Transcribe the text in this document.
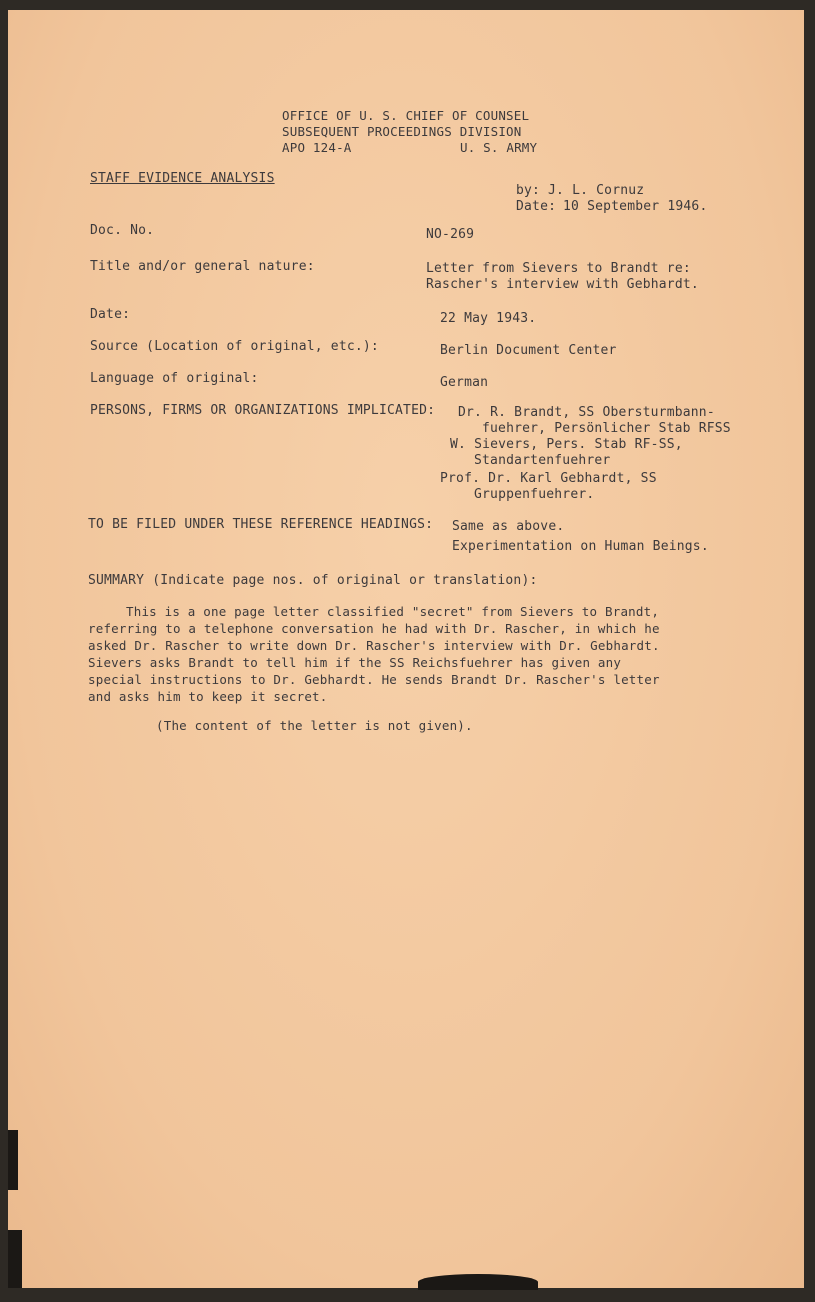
OFFICE OF U. S. CHIEF OF COUNSEL
SUBSEQUENT PROCEEDINGS DIVISION
APO 124-A	U. S. ARMY
STAFF EVIDENCE ANALYSIS
by: J. L. Cornuz
Date: 10 September 1946.
Doc. No.	NO-269
Title and/or general nature:	Letter from Sievers to Brandt re:
Rascher's interview with Gebhardt.
Date:	22 May 1943.
Source (Location of original, etc.):	Berlin Document Center
Language of original:	German
PERSONS, FIRMS OR ORGANIZATIONS IMPLICATED: Dr. R. Brandt, SS Obersturmbann-
fuehrer, Persönlicher Stab RFSS
W. Sievers, Pers. Stab RF-SS,
Standartenfuehrer
Prof. Dr. Karl Gebhardt, SS
Gruppenfuehrer.
TO BE FILED UNDER THESE REFERENCE HEADINGS: Same as above.
Experimentation on Human Beings.
SUMMARY (Indicate page nos. of original or translation):
This is a one page letter classified "secret" from Sievers to Brandt,
referring to a telephone conversation he had with Dr. Rascher, in which he
asked Dr. Rascher to write down Dr. Rascher's interview with Dr. Gebhardt.
Sievers asks Brandt to tell him if the SS Reichsfuehrer has given any
special instructions to Dr. Gebhardt. He sends Brandt Dr. Rascher's letter
and asks him to keep it secret.
(The content of the letter is not given).
